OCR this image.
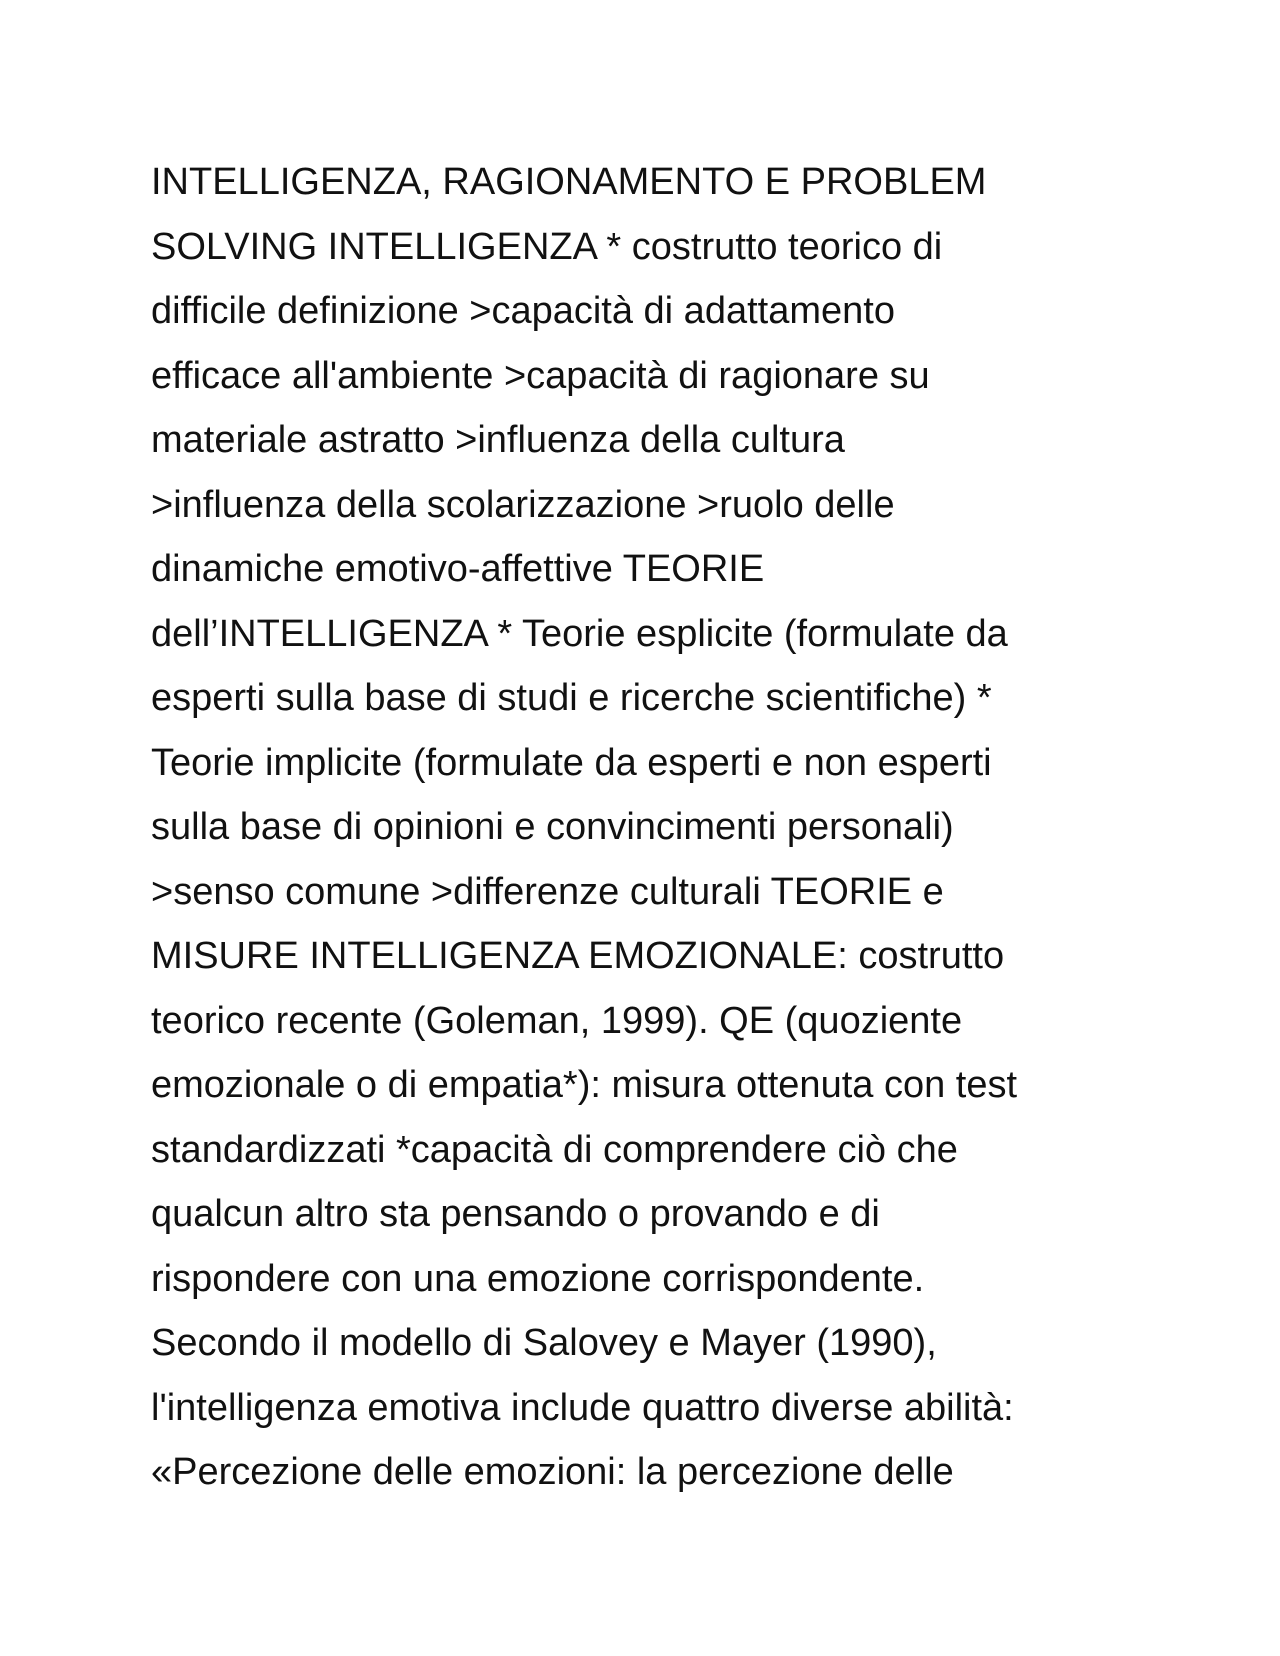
INTELLIGENZA, RAGIONAMENTO E PROBLEM
SOLVING INTELLIGENZA * costrutto teorico di
difficile definizione >capacità di adattamento
efficace all'ambiente >capacità di ragionare su
materiale astratto >influenza della cultura
>influenza della scolarizzazione >ruolo delle
dinamiche emotivo-affettive TEORIE
dell’INTELLIGENZA * Teorie esplicite (formulate da
esperti sulla base di studi e ricerche scientifiche) *
Teorie implicite (formulate da esperti e non esperti
sulla base di opinioni e convincimenti personali)
>senso comune >differenze culturali TEORIE e
MISURE INTELLIGENZA EMOZIONALE: costrutto
teorico recente (Goleman, 1999). QE (quoziente
emozionale o di empatia*): misura ottenuta con test
standardizzati *capacità di comprendere ciò che
qualcun altro sta pensando o provando e di
rispondere con una emozione corrispondente.
Secondo il modello di Salovey e Mayer (1990),
l'intelligenza emotiva include quattro diverse abilità:
«Percezione delle emozioni: la percezione delle
